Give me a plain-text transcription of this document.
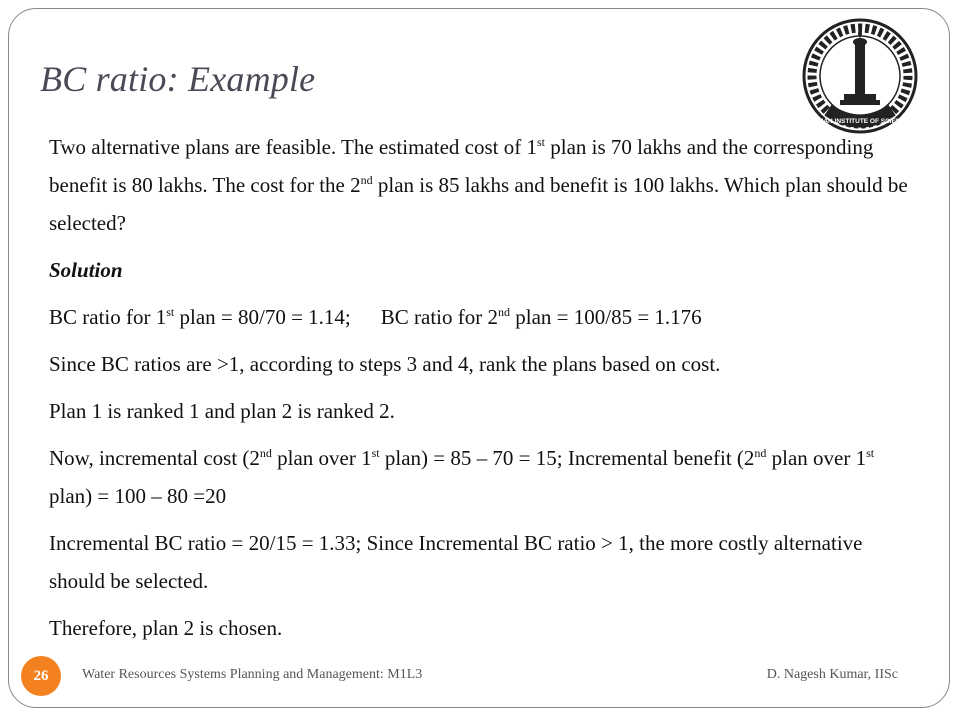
BC ratio: Example
INDIAN INSTITUTE OF SCIENCE

Two alternative plans are feasible. The estimated cost of 1st plan is 70 lakhs and the corresponding benefit is 80 lakhs. The cost for the 2nd plan is 85 lakhs and benefit is 100 lakhs. Which plan should be selected?

Solution

BC ratio for 1st plan = 80/70 = 1.14; BC ratio for 2nd plan = 100/85 = 1.176

Since BC ratios are >1, according to steps 3 and 4, rank the plans based on cost.

Plan 1 is ranked 1 and plan 2 is ranked 2.

Now, incremental cost (2nd plan over 1st plan) = 85 – 70 = 15; Incremental benefit (2nd plan over 1st plan) = 100 – 80 =20

Incremental BC ratio = 20/15 = 1.33; Since Incremental BC ratio > 1, the more costly alternative should be selected.

Therefore, plan 2 is chosen.

26	Water Resources Systems Planning and Management: M1L3	D. Nagesh Kumar, IISc
